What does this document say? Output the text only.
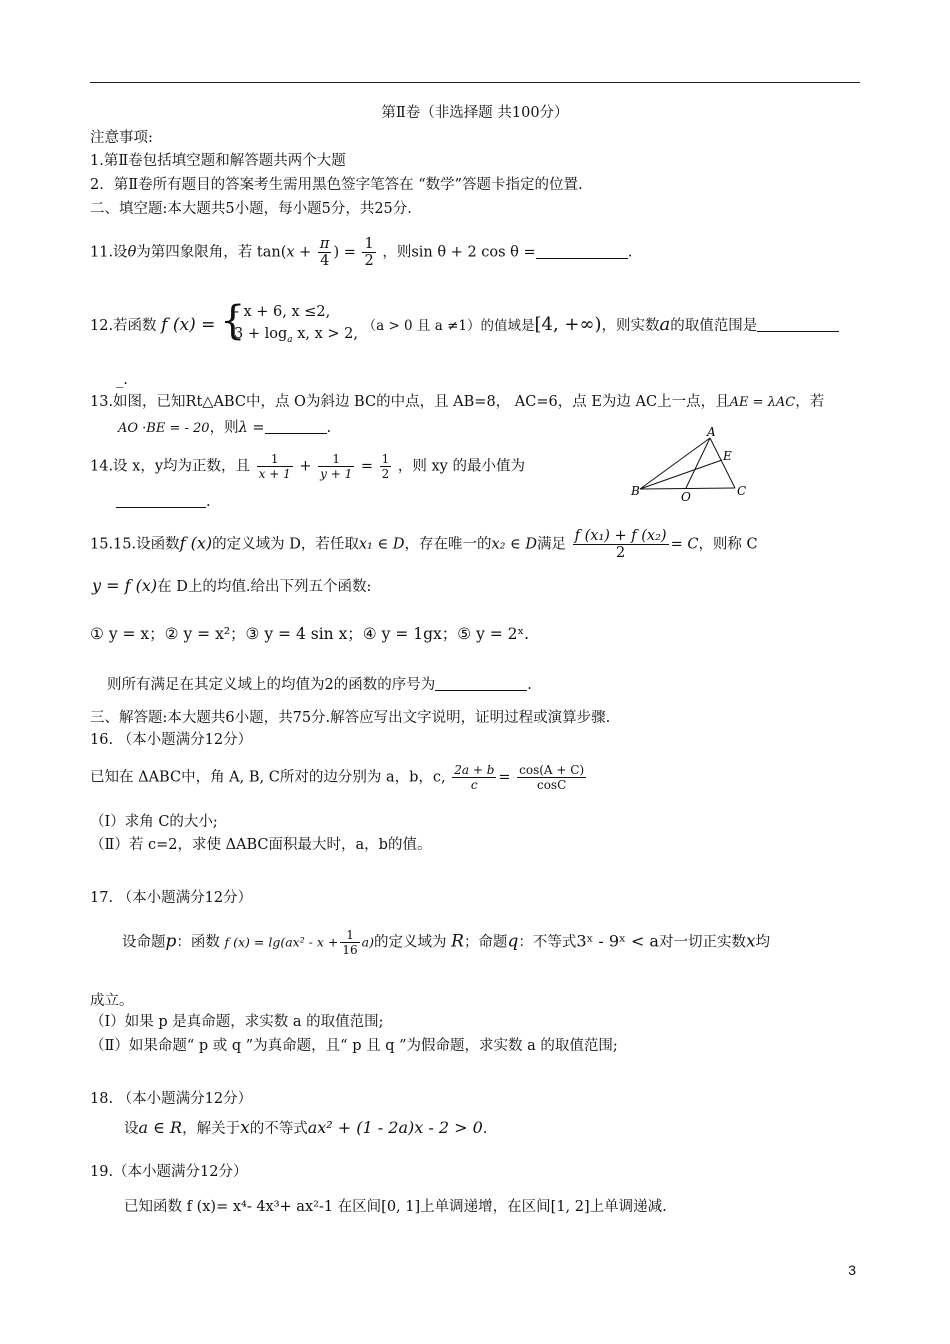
第Ⅱ卷（非选择题 共100分）
注意事项:
1.第Ⅱ卷包括填空题和解答题共两个大题
2．第Ⅱ卷所有题目的答案考生需用黑色签字笔答在 “数学”答题卡指定的位置.
二、填空题:本大题共5小题，每小题5分，共25分.
11.设θ为第四象限角，若 $\tan(x + \frac{\pi}{4}$ ) = $\frac{1}{2}$ ，则sin θ + 2 cos θ =	.
12.若函数 f (x) = {
- x + 6, x ≤2,
$3 + \log_a x$, x > 2,
（a > 0 且 a ≠1）的值域是[4, +∞)，则实数a的取值范围是
_.
13.如图，已知Rt△ABC中，点 O为斜边 BC的中点，且 AB=8， AC=6，点 E为边 AC上一点，且AE = λAC，若
AO ·BE = - 20，则λ =	.
14.设 x，y均为正数，且 $\frac{1}{x + 1} + \frac{1}{y + 1} = \frac{1}{2}$ ，则 xy 的最小值为
.
A
E
B	O	C
15.15.设函数f (x)的定义域为 D，若任取x₁ ∈ D，存在唯一的x₂ ∈ D满足 $\frac{\text{f (x₁) + f (x₂)}}{2} = C$，则称 C
y = f (x)在 D上的均值.给出下列五个函数:
① y = x；② y = x²；③ y = 4 sin x；④ y = 1gx；⑤ y = 2ˣ.
则所有满足在其定义域上的均值为2的函数的序号为	.
三、解答题:本大题共6小题，共75分.解答应写出文字说明，证明过程或演算步骤.
16. （本小题满分12分）
已知在 ΔABC中，角 A, B, C所对的边分别为 a，b，c, $\frac{2a + b}{c} = \frac{\cos(A + C)}{\cos C}$
（Ⅰ）求角 C的大小;
（Ⅱ）若 c=2，求使 ΔABC面积最大时，a，b的值。
17. （本小题满分12分）
设命题p：函数 f $(x) = \lg(ax^2 - x + \frac{1}{16} a)$的定义域为 R；命题q：不等式3ˣ - 9ˣ < a对一切正实数x均
成立。
（Ⅰ）如果 p 是真命题，求实数 a 的取值范围;
（Ⅱ）如果命题“ p 或 q ”为真命题，且“ p 且 q ”为假命题，求实数 a 的取值范围;
18. （本小题满分12分）
设a ∈ R，解关于x的不等式ax² + (1 - 2a)x - 2 > 0.
19.（本小题满分12分）
已知函数 f (x)= x⁴- 4x³+ ax²-1 在区间[0, 1]上单调递增，在区间[1, 2]上单调递减.
3
